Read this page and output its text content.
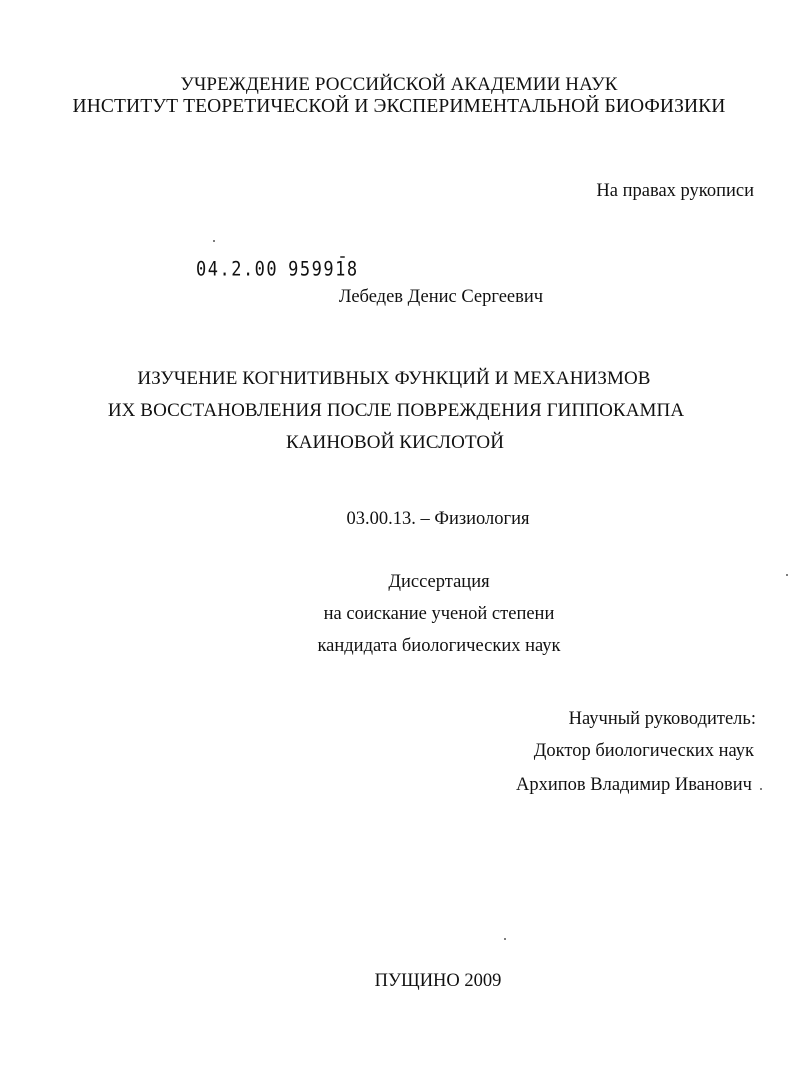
УЧРЕЖДЕНИЕ РОССИЙСКОЙ АКАДЕМИИ НАУК
ИНСТИТУТ ТЕОРЕТИЧЕСКОЙ И ЭКСПЕРИМЕНТАЛЬНОЙ БИОФИЗИКИ
На правах рукописи
04.2.00 959918
Лебедев Денис Сергеевич
ИЗУЧЕНИЕ КОГНИТИВНЫХ ФУНКЦИЙ И МЕХАНИЗМОВ
ИХ ВОССТАНОВЛЕНИЯ ПОСЛЕ ПОВРЕЖДЕНИЯ ГИППОКАМПА
КАИНОВОЙ КИСЛОТОЙ
03.00.13. – Физиология
Диссертация
на соискание ученой степени
кандидата биологических наук
Научный руководитель:
Доктор биологических наук
Архипов Владимир Иванович
ПУЩИНО 2009
